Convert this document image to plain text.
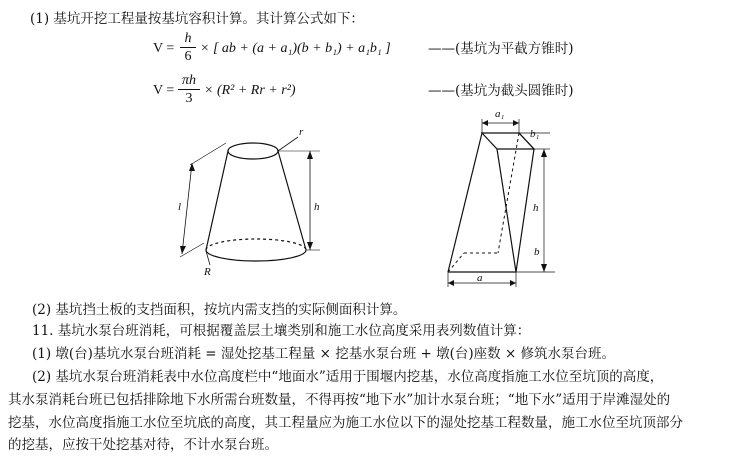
(1) 基坑开挖工程量按基坑容积计算。其计算公式如下：
$V = \frac{h}{6}$ × [ ab + (a + a₁)(b + b₁) + a₁b₁ ]	——(基坑为平截方锥时)
$V = \frac{\pi h}{3} \times (R^2 + Rr + r^2)$	——(基坑为截头圆锥时)
r
R
l	h
a₁
b₁
h
b
a
(2) 基坑挡土板的支挡面积，按坑内需支挡的实际侧面积计算。
11. 基坑水泵台班消耗，可根据覆盖层土壤类别和施工水位高度采用表列数值计算：
(1) 墩(台)基坑水泵台班消耗 = 湿处挖基工程量 × 挖基水泵台班 + 墩(台)座数 × 修筑水泵台班。
(2) 基坑水泵台班消耗表中水位高度栏中“地面水”适用于围堰内挖基，水位高度指施工水位至坑顶的高度，
其水泵消耗台班已包括排除地下水所需台班数量，不得再按“地下水”加计水泵台班；“地下水”适用于岸滩湿处的
挖基，水位高度指施工水位至坑底的高度，其工程量应为施工水位以下的湿处挖基工程数量，施工水位至坑顶部分
的挖基，应按干处挖基对待，不计水泵台班。
